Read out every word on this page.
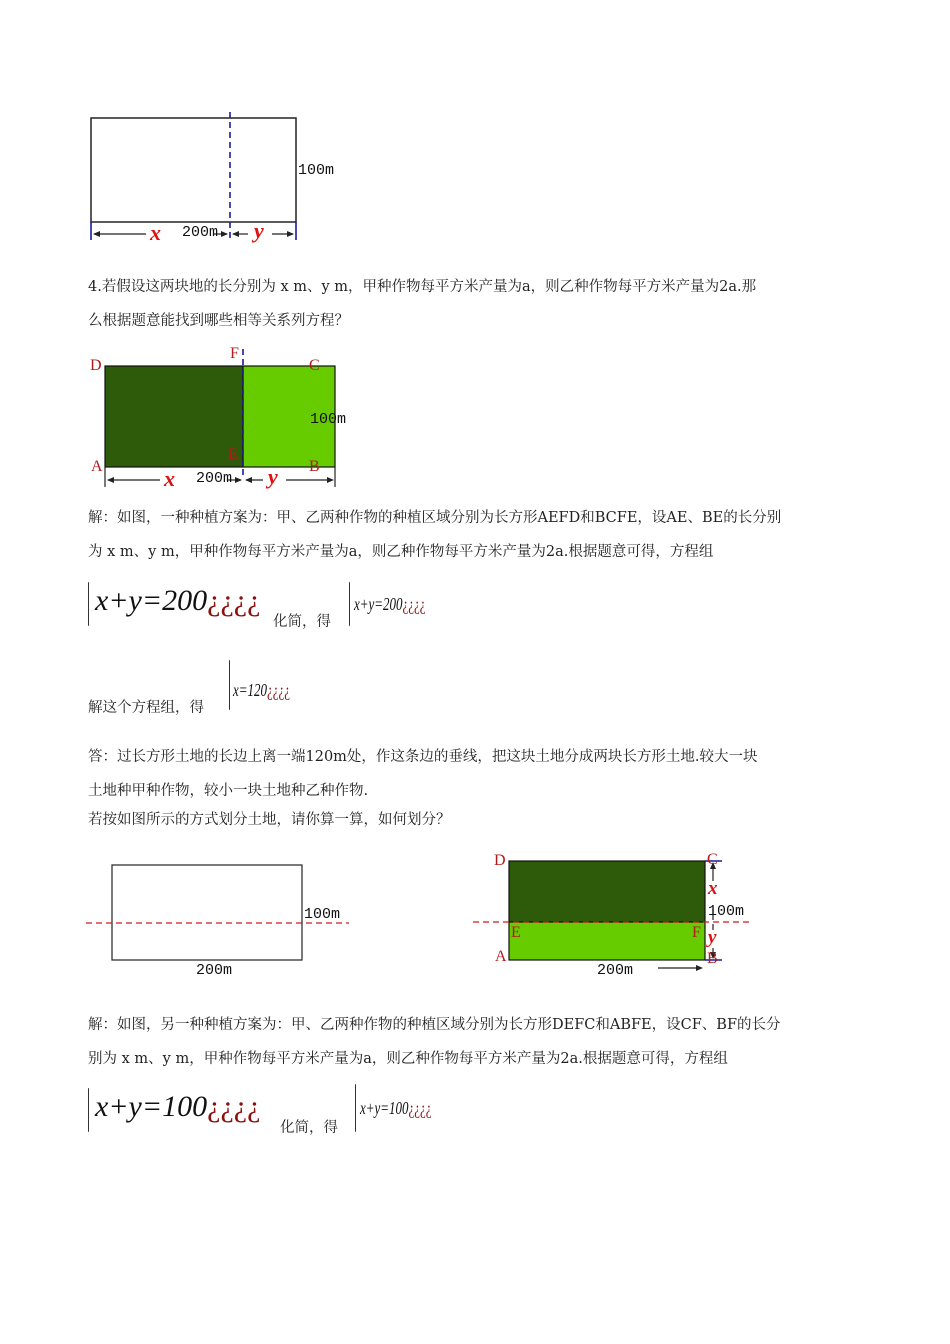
100m
x 200m y
4.若假设这两块地的长分别为 x m、y m，甲种作物每平方米产量为a，则乙种作物每平方米产量为2a.那
么根据题意能找到哪些相等关系列方程？
D
F
C
A
E
B
100m
x 200m y
解：如图，一种种植方案为：甲、乙两种作物的种植区域分别为长方形AEFD和BCFE，设AE、BE的长分别
为 x m、y m，甲种作物每平方米产量为a，则乙种作物每平方米产量为2a.根据题意可得，方程组
x+y=200¿¿¿¿
化简，得
x+y=200¿¿¿¿
解这个方程组，得
x=120¿¿¿¿
答：过长方形土地的长边上离一端120m处，作这条边的垂线，把这块土地分成两块长方形土地.较大一块
土地种甲种作物，较小一块土地种乙种作物.
若按如图所示的方式划分土地，请你算一算，如何划分？
100m
200m
D	C
E	F
A	B
x
100m
y
200m
解：如图，另一种种植方案为：甲、乙两种作物的种植区域分别为长方形DEFC和ABFE，设CF、BF的长分
别为 x m、y m，甲种作物每平方米产量为a，则乙种作物每平方米产量为2a.根据题意可得，方程组
x+y=100¿¿¿¿
化简，得
x+y=100¿¿¿¿
